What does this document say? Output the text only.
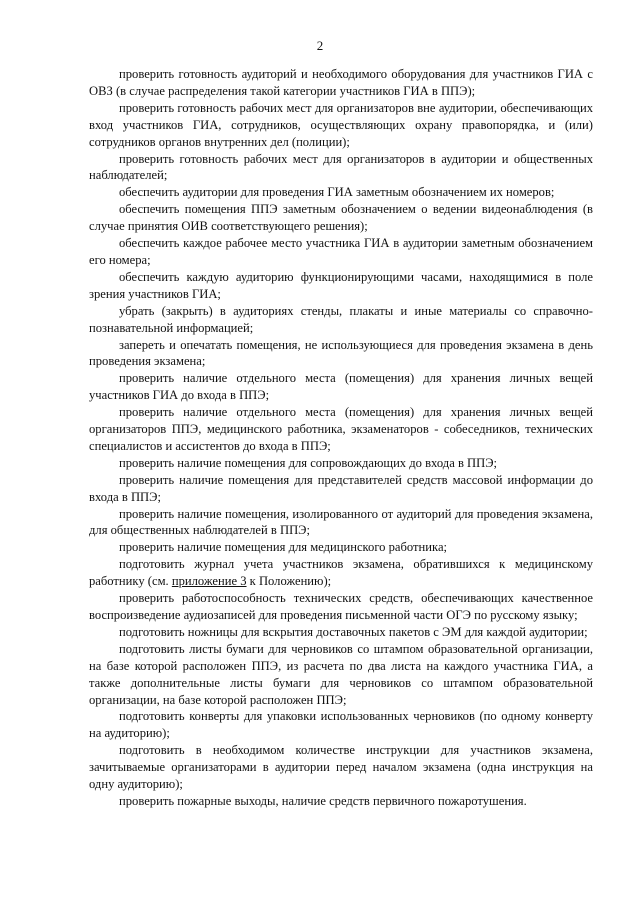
2

проверить готовность аудиторий и необходимого оборудования для участников ГИА с ОВЗ (в случае распределения такой категории участников ГИА в ППЭ);

проверить готовность рабочих мест для организаторов вне аудитории, обеспечивающих вход участников ГИА, сотрудников, осуществляющих охрану правопорядка, и (или) сотрудников органов внутренних дел (полиции);

проверить готовность рабочих мест для организаторов в аудитории и общественных наблюдателей;

обеспечить аудитории для проведения ГИА заметным обозначением их номеров;

обеспечить помещения ППЭ заметным обозначением о ведении видеонаблюдения (в случае принятия ОИВ соответствующего решения);

обеспечить каждое рабочее место участника ГИА в аудитории заметным обозначением его номера;

обеспечить каждую аудиторию функционирующими часами, находящимися в поле зрения участников ГИА;

убрать (закрыть) в аудиториях стенды, плакаты и иные материалы со справочно-познавательной информацией;

запереть и опечатать помещения, не использующиеся для проведения экзамена в день проведения экзамена;

проверить наличие отдельного места (помещения) для хранения личных вещей участников ГИА до входа в ППЭ;

проверить наличие отдельного места (помещения) для хранения личных вещей организаторов ППЭ, медицинского работника, экзаменаторов - собеседников, технических специалистов и ассистентов до входа в ППЭ;

проверить наличие помещения для сопровождающих до входа в ППЭ;

проверить наличие помещения для представителей средств массовой информации до входа в ППЭ;

проверить наличие помещения, изолированного от аудиторий для проведения экзамена, для общественных наблюдателей в ППЭ;

проверить наличие помещения для медицинского работника;

подготовить журнал учета участников экзамена, обратившихся к медицинскому работнику (см. приложение 3 к Положению);

проверить работоспособность технических средств, обеспечивающих качественное воспроизведение аудиозаписей для проведения письменной части ОГЭ по русскому языку;

подготовить ножницы для вскрытия доставочных пакетов с ЭМ для каждой аудитории;

подготовить листы бумаги для черновиков со штампом образовательной организации, на базе которой расположен ППЭ, из расчета по два листа на каждого участника ГИА, а также дополнительные листы бумаги для черновиков со штампом образовательной организации, на базе которой расположен ППЭ;

подготовить конверты для упаковки использованных черновиков (по одному конверту на аудиторию);

подготовить в необходимом количестве инструкции для участников экзамена, зачитываемые организаторами в аудитории перед началом экзамена (одна инструкция на одну аудиторию);

проверить пожарные выходы, наличие средств первичного пожаротушения.
